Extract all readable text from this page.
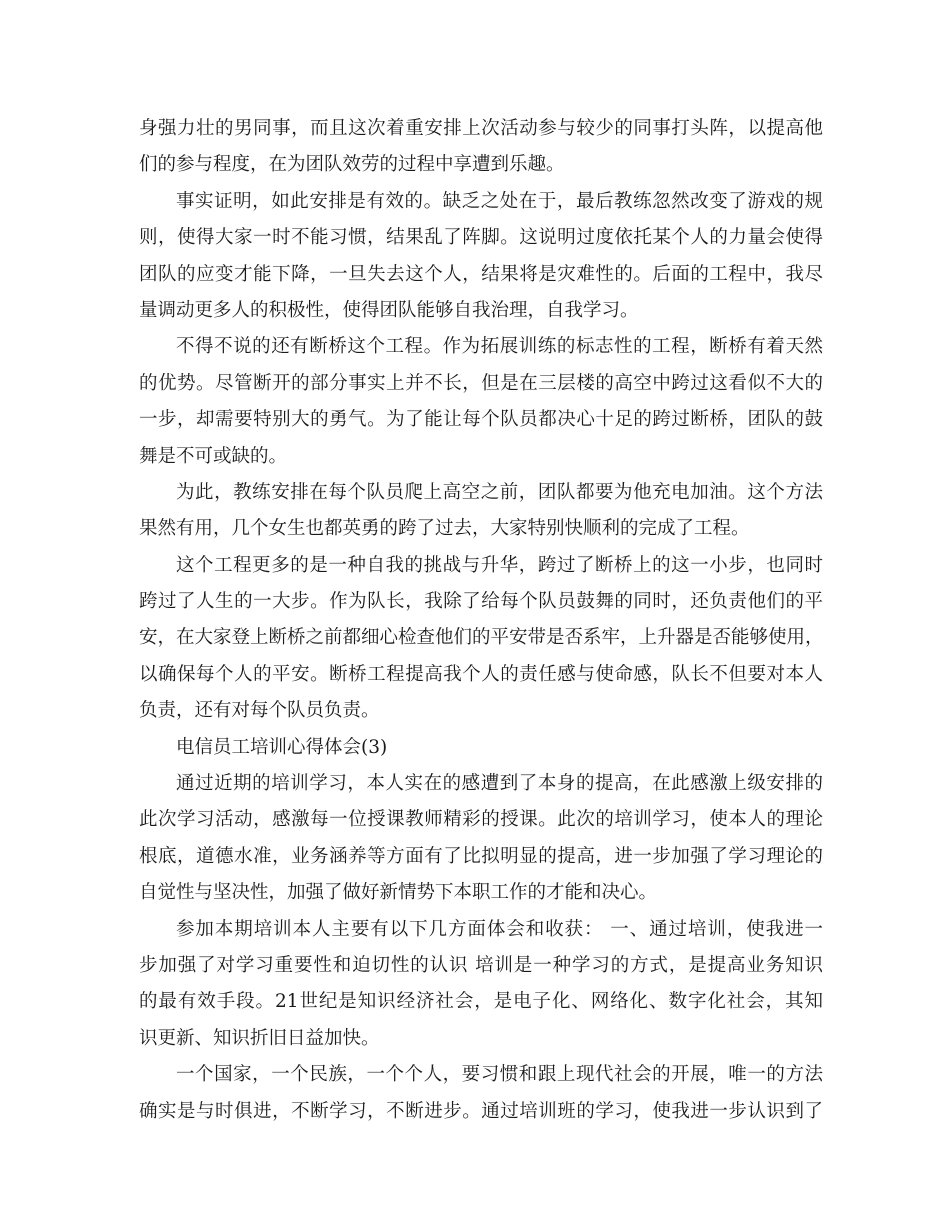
身强力壮的男同事，而且这次着重安排上次活动参与较少的同事打头阵，以提高他
们的参与程度，在为团队效劳的过程中享遭到乐趣。
事实证明，如此安排是有效的。缺乏之处在于，最后教练忽然改变了游戏的规
则，使得大家一时不能习惯，结果乱了阵脚。这说明过度依托某个人的力量会使得
团队的应变才能下降，一旦失去这个人，结果将是灾难性的。后面的工程中，我尽
量调动更多人的积极性，使得团队能够自我治理，自我学习。
不得不说的还有断桥这个工程。作为拓展训练的标志性的工程，断桥有着天然
的优势。尽管断开的部分事实上并不长，但是在三层楼的高空中跨过这看似不大的
一步，却需要特别大的勇气。为了能让每个队员都决心十足的跨过断桥，团队的鼓
舞是不可或缺的。
为此，教练安排在每个队员爬上高空之前，团队都要为他充电加油。这个方法
果然有用，几个女生也都英勇的跨了过去，大家特别快顺利的完成了工程。
这个工程更多的是一种自我的挑战与升华，跨过了断桥上的这一小步，也同时
跨过了人生的一大步。作为队长，我除了给每个队员鼓舞的同时，还负责他们的平
安，在大家登上断桥之前都细心检查他们的平安带是否系牢，上升器是否能够使用，
以确保每个人的平安。断桥工程提高我个人的责任感与使命感，队长不但要对本人
负责，还有对每个队员负责。
电信员工培训心得体会(3)
通过近期的培训学习，本人实在的感遭到了本身的提高，在此感激上级安排的
此次学习活动，感激每一位授课教师精彩的授课。此次的培训学习，使本人的理论
根底，道德水准，业务涵养等方面有了比拟明显的提高，进一步加强了学习理论的
自觉性与坚决性，加强了做好新情势下本职工作的才能和决心。
参加本期培训本人主要有以下几方面体会和收获： 一、通过培训，使我进一
步加强了对学习重要性和迫切性的认识 培训是一种学习的方式，是提高业务知识
的最有效手段。21世纪是知识经济社会，是电子化、网络化、数字化社会，其知
识更新、知识折旧日益加快。
一个国家，一个民族，一个个人，要习惯和跟上现代社会的开展，唯一的方法
确实是与时俱进，不断学习，不断进步。通过培训班的学习，使我进一步认识到了
